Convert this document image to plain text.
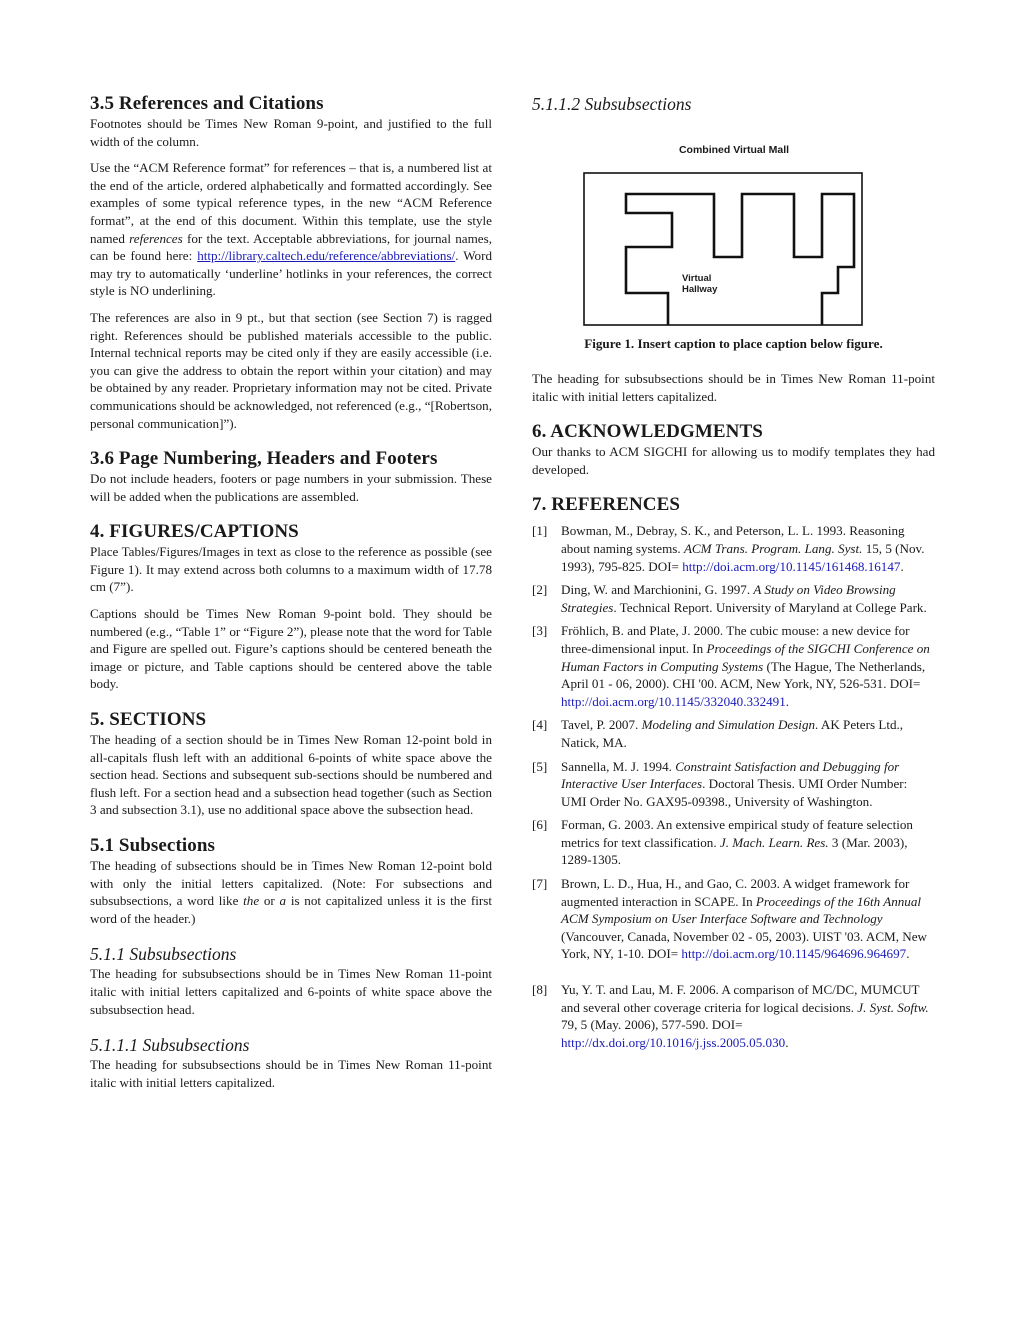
3.5 References and Citations

Footnotes should be Times New Roman 9-point, and justified to the full width of the column.

Use the “ACM Reference format” for references – that is, a numbered list at the end of the article, ordered alphabetically and formatted accordingly. See examples of some typical reference types, in the new “ACM Reference format”, at the end of this document. Within this template, use the style named references for the text. Acceptable abbreviations, for journal names, can be found here: http://library.caltech.edu/reference/abbreviations/. Word may try to automatically ‘underline’ hotlinks in your references, the correct style is NO underlining.

The references are also in 9 pt., but that section (see Section 7) is ragged right. References should be published materials accessible to the public. Internal technical reports may be cited only if they are easily accessible (i.e. you can give the address to obtain the report within your citation) and may be obtained by any reader. Proprietary information may not be cited. Private communications should be acknowledged, not referenced (e.g., “[Robertson, personal communication]”).

3.6 Page Numbering, Headers and Footers

Do not include headers, footers or page numbers in your submission. These will be added when the publications are assembled.

4. FIGURES/CAPTIONS

Place Tables/Figures/Images in text as close to the reference as possible (see Figure 1). It may extend across both columns to a maximum width of 17.78 cm (7”).

Captions should be Times New Roman 9-point bold. They should be numbered (e.g., “Table 1” or “Figure 2”), please note that the word for Table and Figure are spelled out. Figure’s captions should be centered beneath the image or picture, and Table captions should be centered above the table body.

5. SECTIONS

The heading of a section should be in Times New Roman 12-point bold in all-capitals flush left with an additional 6-points of white space above the section head. Sections and subsequent sub-sections should be numbered and flush left. For a section head and a subsection head together (such as Section 3 and subsection 3.1), use no additional space above the subsection head.

5.1 Subsections

The heading of subsections should be in Times New Roman 12-point bold with only the initial letters capitalized. (Note: For subsections and subsubsections, a word like the or a is not capitalized unless it is the first word of the header.)

5.1.1 Subsubsections

The heading for subsubsections should be in Times New Roman 11-point italic with initial letters capitalized and 6-points of white space above the subsubsection head.

5.1.1.1 Subsubsections

The heading for subsubsections should be in Times New Roman 11-point italic with initial letters capitalized.

5.1.1.2 Subsubsections
Combined Virtual Mall
Virtual
Hallway

Figure 1. Insert caption to place caption below figure.

The heading for subsubsections should be in Times New Roman 11-point italic with initial letters capitalized.

6. ACKNOWLEDGMENTS

Our thanks to ACM SIGCHI for allowing us to modify templates they had developed.

7. REFERENCES
[1] Bowman, M., Debray, S. K., and Peterson, L. L. 1993. Reasoning about naming systems. ACM Trans. Program. Lang. Syst. 15, 5 (Nov. 1993), 795-825. DOI= http://doi.acm.org/10.1145/161468.16147.
[2] Ding, W. and Marchionini, G. 1997. A Study on Video Browsing Strategies. Technical Report. University of Maryland at College Park.
[3] Fröhlich, B. and Plate, J. 2000. The cubic mouse: a new device for three-dimensional input. In Proceedings of the SIGCHI Conference on Human Factors in Computing Systems (The Hague, The Netherlands, April 01 - 06, 2000). CHI '00. ACM, New York, NY, 526-531. DOI= http://doi.acm.org/10.1145/332040.332491.
[4] Tavel, P. 2007. Modeling and Simulation Design. AK Peters Ltd., Natick, MA.
[5] Sannella, M. J. 1994. Constraint Satisfaction and Debugging for Interactive User Interfaces. Doctoral Thesis. UMI Order Number: UMI Order No. GAX95-09398., University of Washington.
[6] Forman, G. 2003. An extensive empirical study of feature selection metrics for text classification. J. Mach. Learn. Res. 3 (Mar. 2003), 1289-1305.
[7] Brown, L. D., Hua, H., and Gao, C. 2003. A widget framework for augmented interaction in SCAPE. In Proceedings of the 16th Annual ACM Symposium on User Interface Software and Technology (Vancouver, Canada, November 02 - 05, 2003). UIST '03. ACM, New York, NY, 1-10. DOI= http://doi.acm.org/10.1145/964696.964697.
[8] Yu, Y. T. and Lau, M. F. 2006. A comparison of MC/DC, MUMCUT and several other coverage criteria for logical decisions. J. Syst. Softw. 79, 5 (May. 2006), 577-590. DOI= http://dx.doi.org/10.1016/j.jss.2005.05.030.
